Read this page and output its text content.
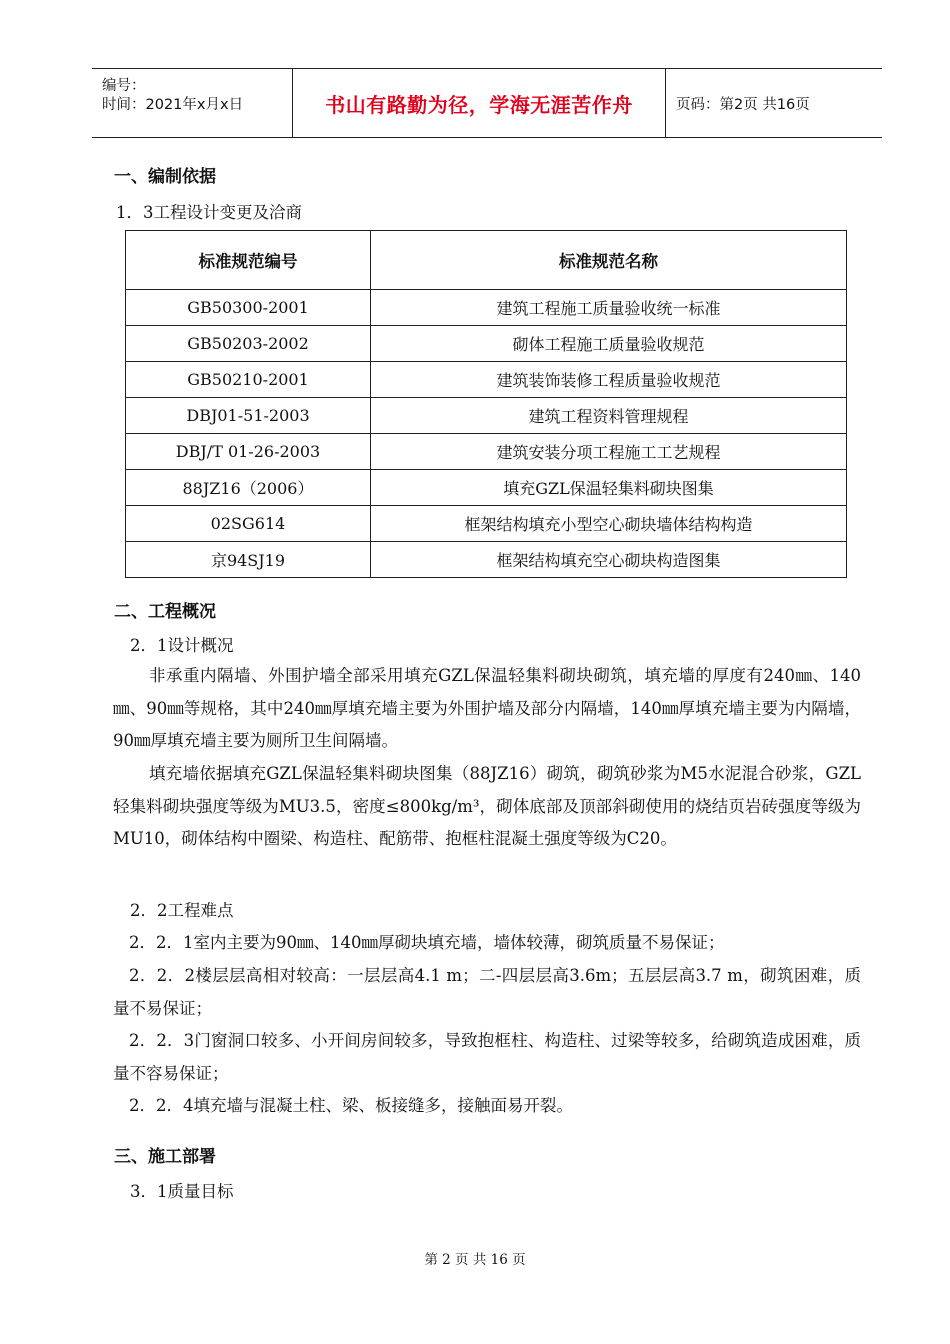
编号：
时间：2021年x月x日	书山有路勤为径，学海无涯苦作舟	页码：第2页 共16页
一、编制依据
1．3工程设计变更及洽商
标准规范编号	标准规范名称
GB50300-2001	建筑工程施工质量验收统一标准
GB50203-2002	砌体工程施工质量验收规范
GB50210-2001	建筑装饰装修工程质量验收规范
DBJ01-51-2003	建筑工程资料管理规程
DBJ/T 01-26-2003	建筑安装分项工程施工工艺规程
88JZ16（2006）	填充GZL保温轻集料砌块图集
02SG614	框架结构填充小型空心砌块墙体结构构造
京94SJ19	框架结构填充空心砌块构造图集
二、工程概况
2．1设计概况

非承重内隔墙、外围护墙全部采用填充GZL保温轻集料砌块砌筑，填充墙的厚度有240㎜、140㎜、90㎜等规格，其中240㎜厚填充墙主要为外围护墙及部分内隔墙，140㎜厚填充墙主要为内隔墙，90㎜厚填充墙主要为厕所卫生间隔墙。

填充墙依据填充GZL保温轻集料砌块图集（88JZ16）砌筑，砌筑砂浆为M5水泥混合砂浆，GZL轻集料砌块强度等级为MU3.5，密度≤800kg/m³，砌体底部及顶部斜砌使用的烧结页岩砖强度等级为MU10，砌体结构中圈梁、构造柱、配筋带、抱框柱混凝土强度等级为C20。

2．2工程难点

2．2．1室内主要为90㎜、140㎜厚砌块填充墙，墙体较薄，砌筑质量不易保证；

2．2．2楼层层高相对较高：一层层高4.1 m；二-四层层高3.6m；五层层高3.7 m，砌筑困难，质量不易保证；

2．2．3门窗洞口较多、小开间房间较多，导致抱框柱、构造柱、过梁等较多，给砌筑造成困难，质量不容易保证；

2．2．4填充墙与混凝土柱、梁、板接缝多，接触面易开裂。

三、施工部署
3．1质量目标
第 2 页 共 16 页
